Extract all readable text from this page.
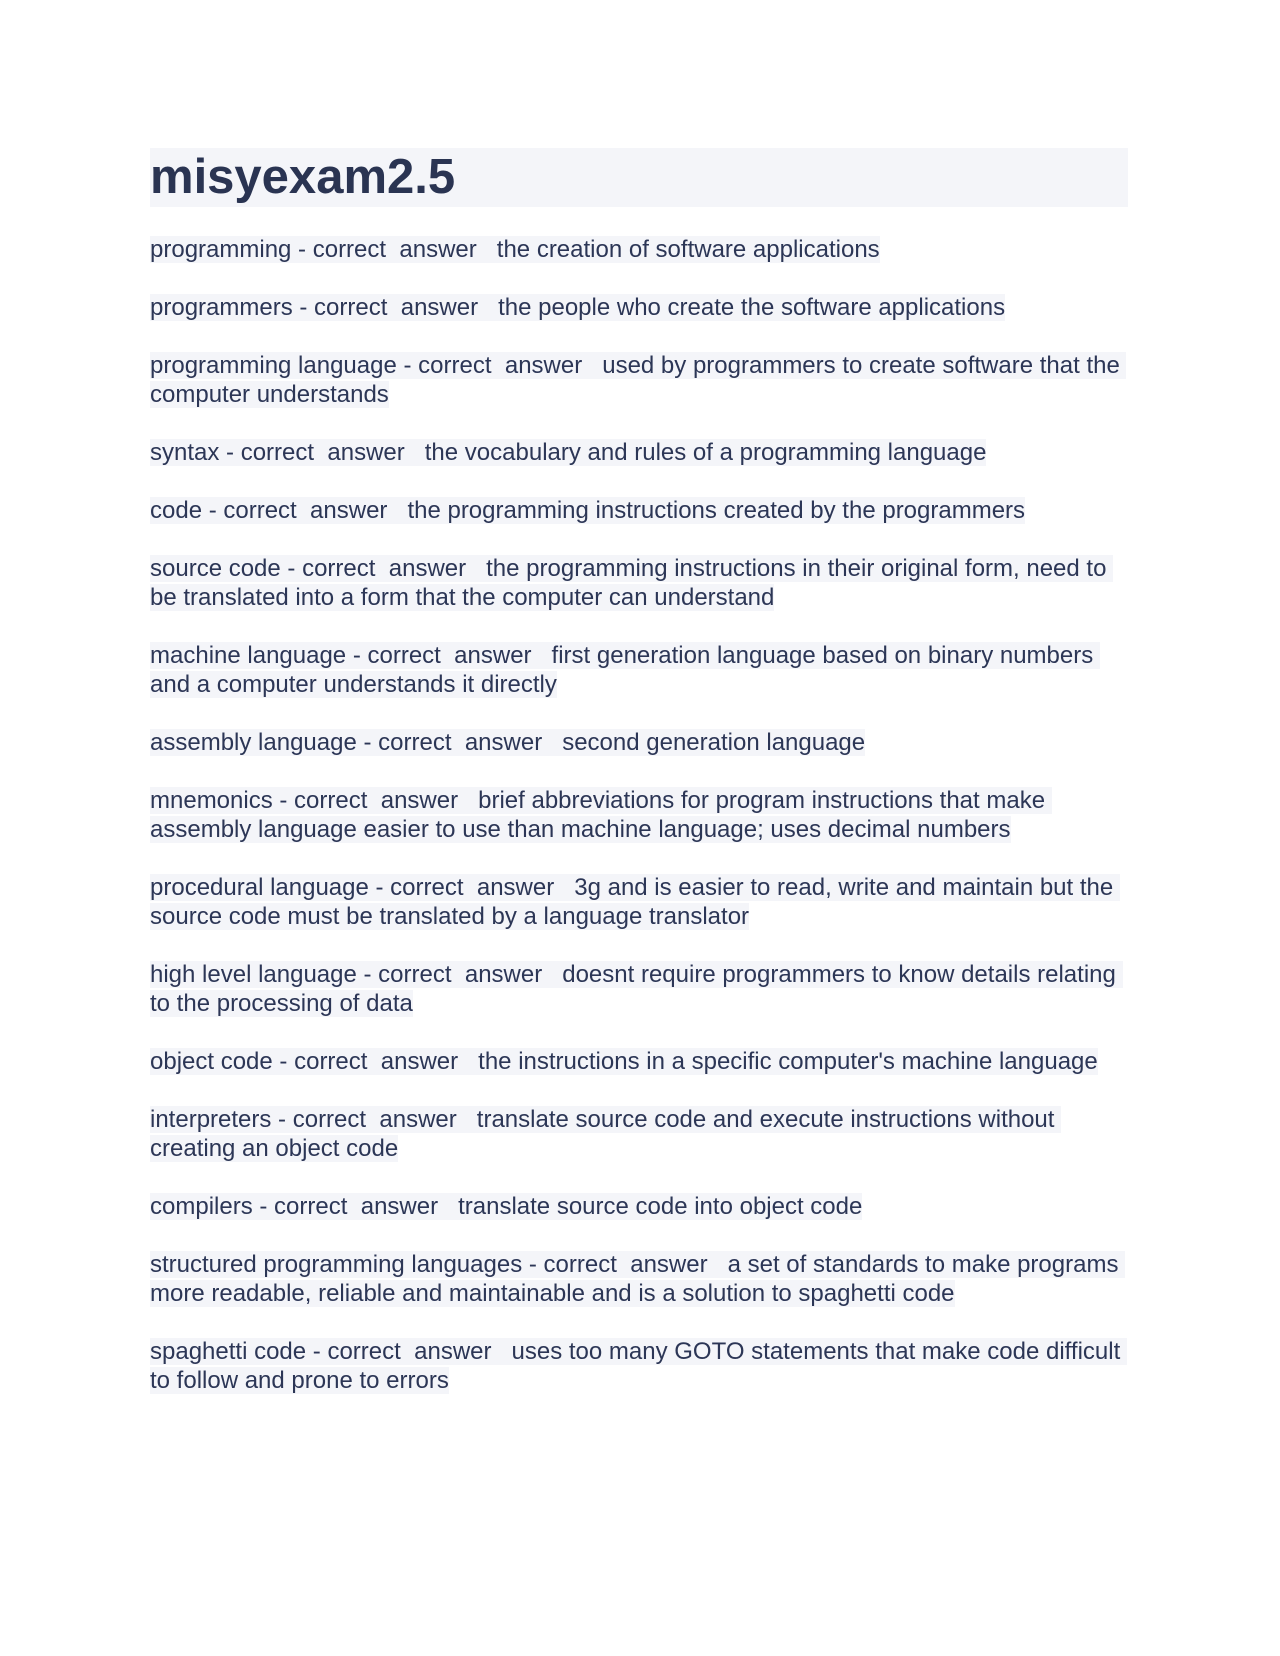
misyexam2.5
programming - correct  answer   the creation of software applications
programmers - correct  answer   the people who create the software applications
programming language - correct  answer   used by programmers to create software that the computer understands
syntax - correct  answer   the vocabulary and rules of a programming language
code - correct  answer   the programming instructions created by the programmers
source code - correct  answer   the programming instructions in their original form, need to be translated into a form that the computer can understand
machine language - correct  answer   first generation language based on binary numbers and a computer understands it directly
assembly language - correct  answer   second generation language
mnemonics - correct  answer   brief abbreviations for program instructions that make assembly language easier to use than machine language; uses decimal numbers
procedural language - correct  answer   3g and is easier to read, write and maintain but the source code must be translated by a language translator
high level language - correct  answer   doesnt require programmers to know details relating to the processing of data
object code - correct  answer   the instructions in a specific computer's machine language
interpreters - correct  answer   translate source code and execute instructions without creating an object code
compilers - correct  answer   translate source code into object code
structured programming languages - correct  answer   a set of standards to make programs more readable, reliable and maintainable and is a solution to spaghetti code
spaghetti code - correct  answer   uses too many GOTO statements that make code difficult to follow and prone to errors
